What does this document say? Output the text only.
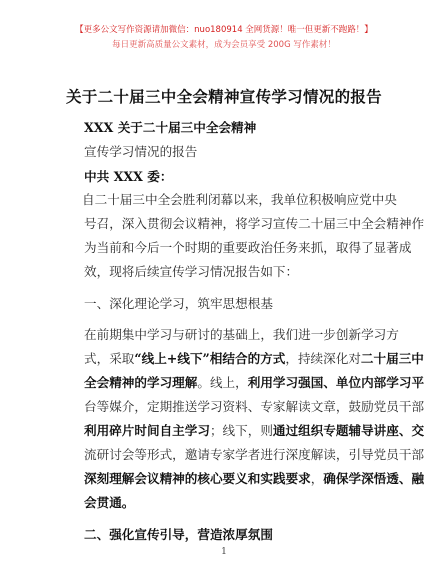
【更多公文写作资源请加微信：nuo180914 全网货源！唯一但更新不跑路！】
每日更新高质量公文素材，成为会员享受 200G 写作素材！
关于二十届三中全会精神宣传学习情况的报告
XXX 关于二十届三中全会精神
宣传学习情况的报告
中共 XXX 委：
自二十届三中全会胜利闭幕以来，我单位积极响应党中央
号召，深入贯彻会议精神，将学习宣传二十届三中全会精神作
为当前和今后一个时期的重要政治任务来抓，取得了显著成
效，现将后续宣传学习情况报告如下：
一、深化理论学习，筑牢思想根基
在前期集中学习与研讨的基础上，我们进一步创新学习方
式，采取“线上+线下”相结合的方式，持续深化对二十届三中
全会精神的学习理解。线上，利用学习强国、单位内部学习平
台等媒介，定期推送学习资料、专家解读文章，鼓励党员干部
利用碎片时间自主学习；线下，则通过组织专题辅导讲座、交
流研讨会等形式，邀请专家学者进行深度解读，引导党员干部
深刻理解会议精神的核心要义和实践要求，确保学深悟透、融
会贯通。
二、强化宣传引导，营造浓厚氛围
1
